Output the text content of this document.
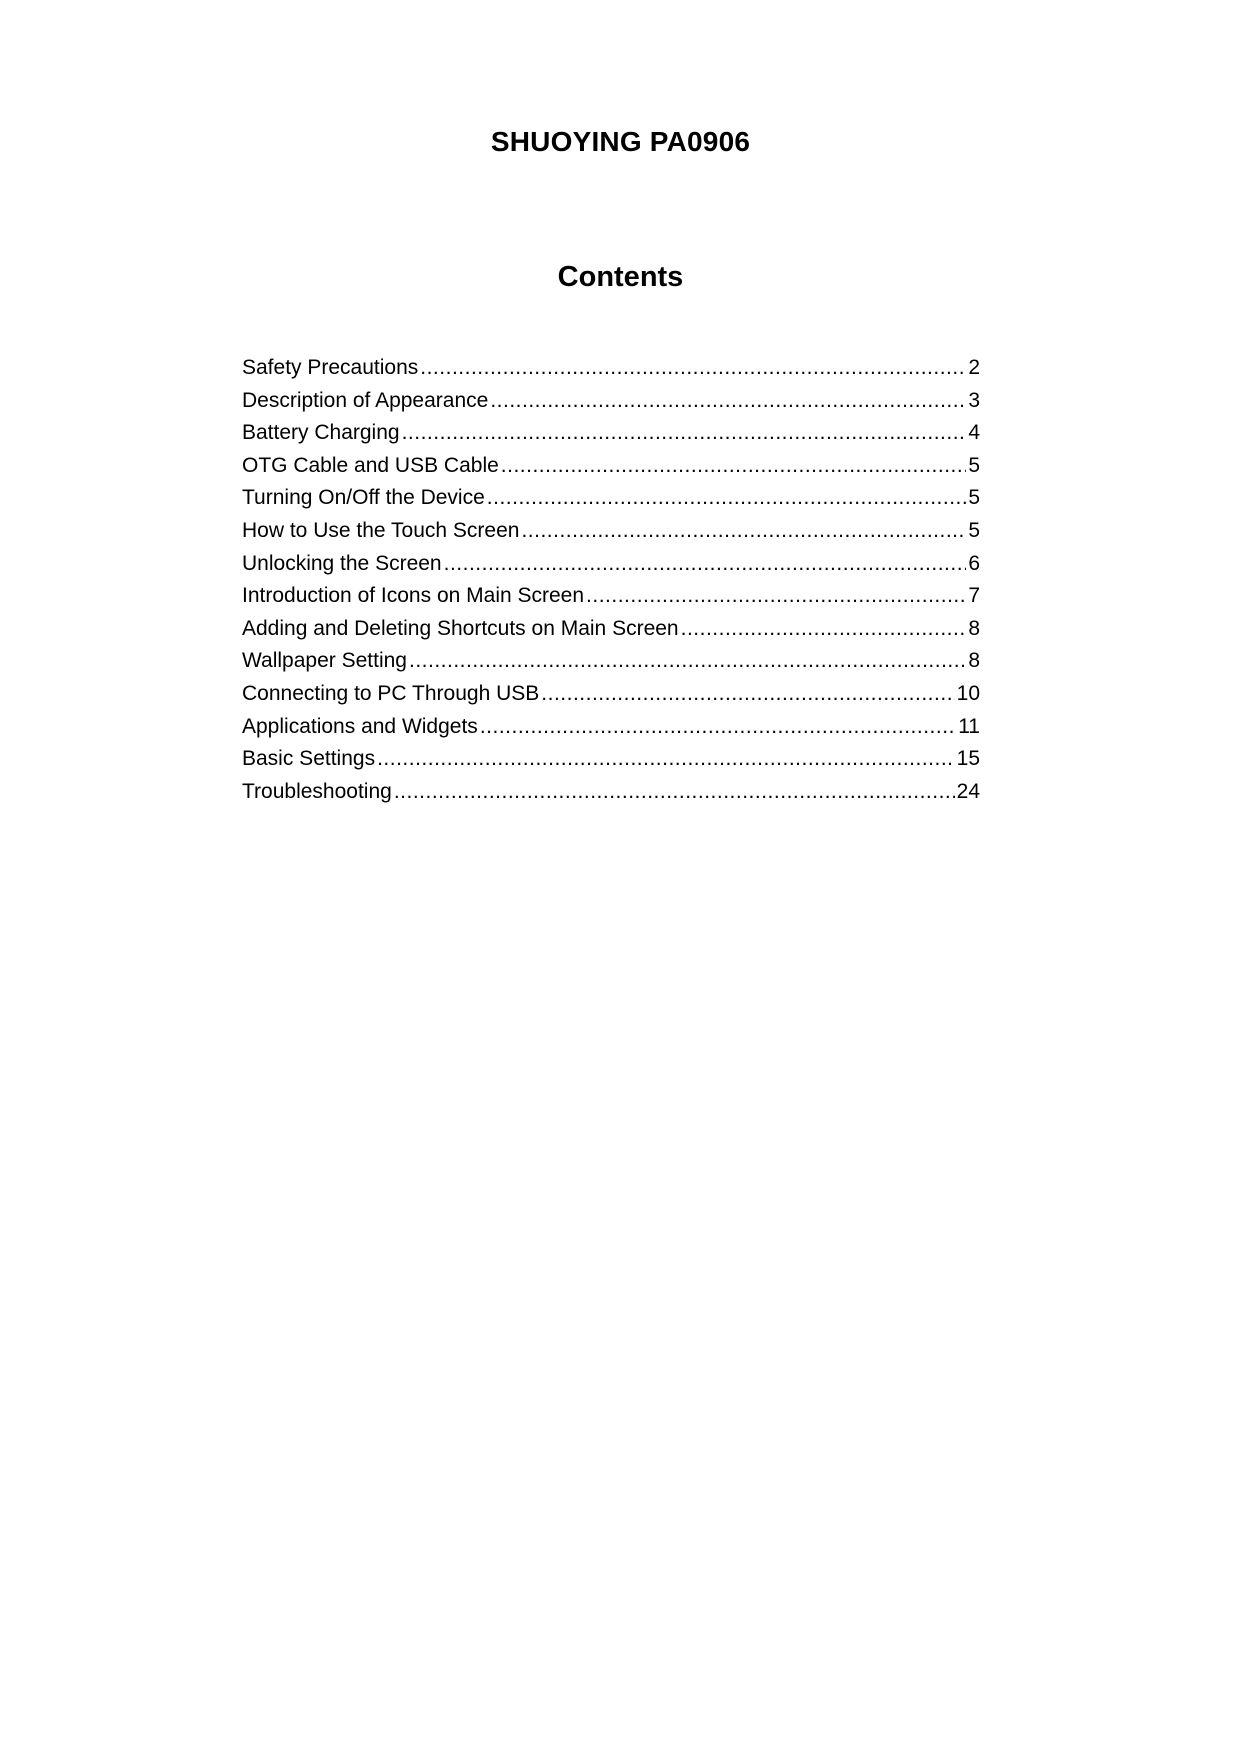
SHUOYING PA0906
Contents
Safety Precautions .....	2
Description of Appearance .....	3
Battery Charging .....	4
OTG Cable and USB Cable .....	5
Turning On/Off the Device .....	5
How to Use the Touch Screen .....	5
Unlocking the Screen .....	6
Introduction of Icons on Main Screen .....	7
Adding and Deleting Shortcuts on Main Screen .....	8
Wallpaper Setting .....	8
Connecting to PC Through USB .....	10
Applications and Widgets .....	11
Basic Settings .....	15
Troubleshooting .....	24
